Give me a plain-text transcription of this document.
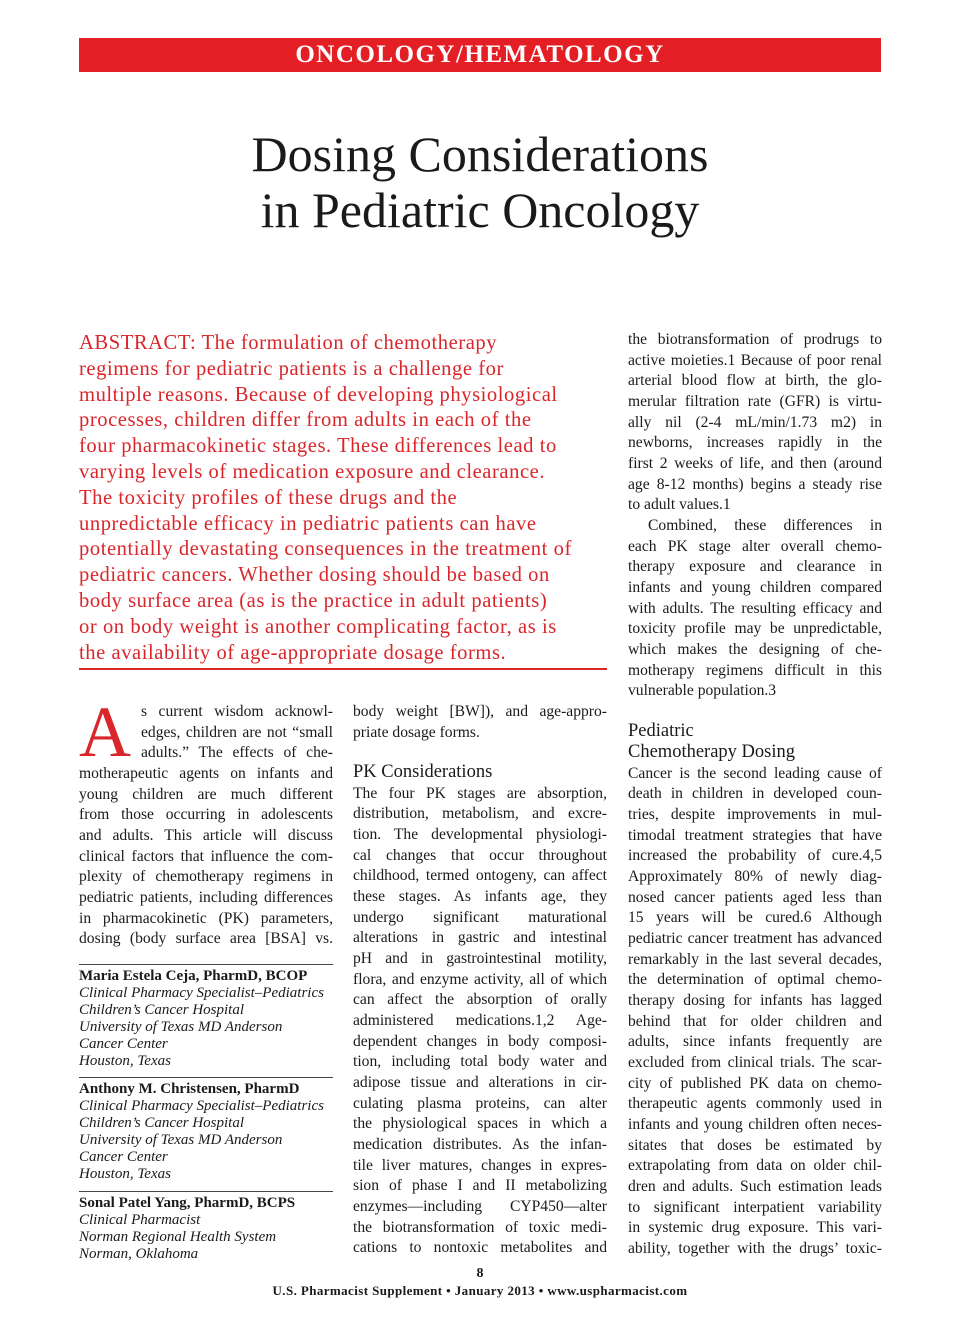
ONCOLOGY/HEMATOLOGY
Dosing Considerations
in Pediatric Oncology
ABSTRACT: The formulation of chemotherapy
regimens for pediatric patients is a challenge for
multiple reasons. Because of developing physiological
processes, children differ from adults in each of the
four pharmacokinetic stages. These differences lead to
varying levels of medication exposure and clearance.
The toxicity profiles of these drugs and the
unpredictable efficacy in pediatric patients can have
potentially devastating consequences in the treatment of
pediatric cancers. Whether dosing should be based on
body surface area (as is the practice in adult patients)
or on body weight is another complicating factor, as is
the availability of age-appropriate dosage forms.
A s current wisdom acknowl-
edges, children are not “small
adults.” The effects of che-
motherapeutic agents on infants and
young children are much different
from those occurring in adolescents
and adults. This article will discuss
clinical factors that influence the com-
plexity of chemotherapy regimens in
pediatric patients, including differences
in pharmacokinetic (PK) parameters,
dosing (body surface area [BSA] vs.
Maria Estela Ceja, PharmD, BCOP
Clinical Pharmacy Specialist–Pediatrics
Children’s Cancer Hospital
University of Texas MD Anderson
Cancer Center
Houston, Texas
Anthony M. Christensen, PharmD
Clinical Pharmacy Specialist–Pediatrics
Children’s Cancer Hospital
University of Texas MD Anderson
Cancer Center
Houston, Texas
Sonal Patel Yang, PharmD, BCPS
Clinical Pharmacist
Norman Regional Health System
Norman, Oklahoma
body weight [BW]), and age-appro-
priate dosage forms.
PK Considerations
The four PK stages are absorption,
distribution, metabolism, and excre-
tion. The developmental physiologi-
cal changes that occur throughout
childhood, termed ontogeny, can affect
these stages. As infants age, they
undergo significant maturational
alterations in gastric and intestinal
pH and in gastrointestinal motility,
flora, and enzyme activity, all of which
can affect the absorption of orally
administered medications.1,2 Age-
dependent changes in body composi-
tion, including total body water and
adipose tissue and alterations in cir-
culating plasma proteins, can alter
the physiological spaces in which a
medication distributes. As the infan-
tile liver matures, changes in expres-
sion of phase I and II metabolizing
enzymes—including CYP450—alter
the biotransformation of toxic medi-
cations to nontoxic metabolites and
the biotransformation of prodrugs to
active moieties.1 Because of poor renal
arterial blood flow at birth, the glo-
merular filtration rate (GFR) is virtu-
ally nil (2-4 mL/min/1.73 m2) in
newborns, increases rapidly in the
first 2 weeks of life, and then (around
age 8-12 months) begins a steady rise
to adult values.1
Combined, these differences in
each PK stage alter overall chemo-
therapy exposure and clearance in
infants and young children compared
with adults. The resulting efficacy and
toxicity profile may be unpredictable,
which makes the designing of che-
motherapy regimens difficult in this
vulnerable population.3
Pediatric
Chemotherapy Dosing
Cancer is the second leading cause of
death in children in developed coun-
tries, despite improvements in mul-
timodal treatment strategies that have
increased the probability of cure.4,5
Approximately 80% of newly diag-
nosed cancer patients aged less than
15 years will be cured.6 Although
pediatric cancer treatment has advanced
remarkably in the last several decades,
the determination of optimal chemo-
therapy dosing for infants has lagged
behind that for older children and
adults, since infants frequently are
excluded from clinical trials. The scar-
city of published PK data on chemo-
therapeutic agents commonly used in
infants and young children often neces-
sitates that doses be estimated by
extrapolating from data on older chil-
dren and adults. Such estimation leads
to significant interpatient variability
in systemic drug exposure. This vari-
ability, together with the drugs’ toxic-
8
U.S. Pharmacist Supplement • January 2013 • www.uspharmacist.com
